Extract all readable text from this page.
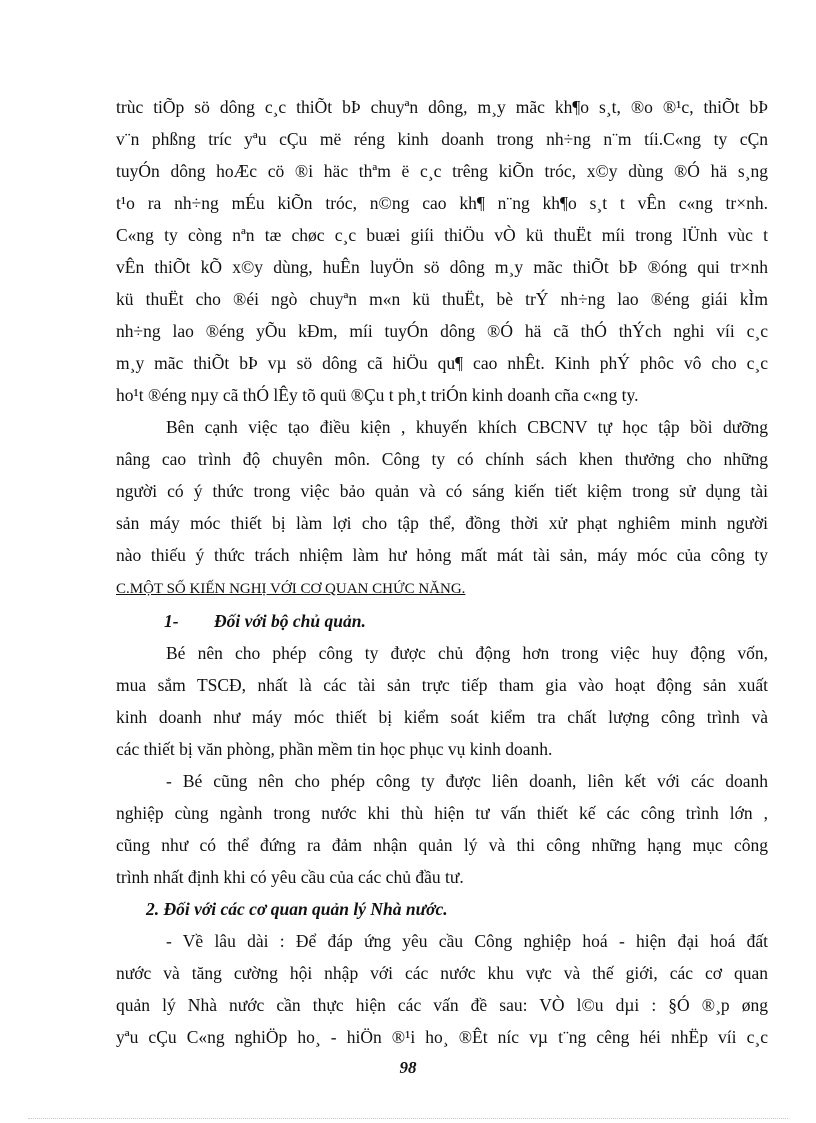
trùc tiÕp sö dông c¸c thiÕt bÞ chuyªn dông, m¸y mãc kh¶o s¸t, ®o ®¹c, thiÕt bÞ
v¨n phßng tríc yªu cÇu më réng kinh doanh trong nh÷ng n¨m tíi.C«ng ty cÇn
tuyÓn dông hoÆc cö ®i häc thªm ë c¸c trêng kiÕn tróc, x©y dùng ®Ó hä s¸ng
t¹o ra nh÷ng mÉu kiÕn tróc, n©ng cao kh¶ n¨ng kh¶o s¸t t vÊn c«ng tr×nh.
C«ng ty còng nªn tæ chøc c¸c buæi giíi thiÖu vÒ kü thuËt míi trong lÜnh vùc t
vÊn thiÕt kÕ x©y dùng, huÊn luyÖn sö dông m¸y mãc thiÕt bÞ ®óng qui tr×nh
kü thuËt cho ®éi ngò chuyªn m«n kü thuËt, bè trÝ nh÷ng lao ®éng giái kÌm
nh÷ng lao ®éng yÕu kÐm, míi tuyÓn dông ®Ó hä cã thÓ thÝch nghi víi c¸c
m¸y mãc thiÕt bÞ vµ sö dông cã hiÖu qu¶ cao nhÊt. Kinh phÝ phôc vô cho c¸c
ho¹t ®éng nµy cã thÓ lÊy tõ quü ®Çu t ph¸t triÓn kinh doanh cña c«ng ty.
Bên cạnh việc tạo điều kiện , khuyến khích CBCNV tự học tập bồi dưỡng
nâng cao trình độ chuyên môn. Công ty có chính sách khen thưởng cho những
người có ý thức trong việc bảo quản và có sáng kiến tiết kiệm trong sử dụng tài
sản máy móc thiết bị làm lợi cho tập thể, đồng thời xử phạt nghiêm minh người
nào thiếu ý thức trách nhiệm làm hư hỏng mất mát tài sản, máy móc của công ty
C.MỘT SỐ KIẾN NGHỊ VỚI CƠ QUAN CHỨC NĂNG.
1-	Đối với bộ chủ quản.
Bé nên cho phép công ty được chủ động hơn trong việc huy động vốn,
mua sắm TSCĐ, nhất là các tài sản trực tiếp tham gia vào hoạt động sản xuất
kinh doanh như máy móc thiết bị kiểm soát kiểm tra chất lượng công trình và
các thiết bị văn phòng, phần mềm tin học phục vụ kinh doanh.
- Bé cũng nên cho phép công ty được liên doanh, liên kết với các doanh
nghiệp cùng ngành trong nước khi thù hiện tư vấn thiết kế các công trình lớn ,
cũng như có thể đứng ra đảm nhận quản lý và thi công những hạng mục công
trình nhất định khi có yêu cầu của các chủ đầu tư.
2. Đối với các cơ quan quản lý Nhà nước.
- Về lâu dài : Để đáp ứng yêu cầu Công nghiệp hoá - hiện đại hoá đất
nước và tăng cường hội nhập với các nước khu vực và thế giới, các cơ quan
quản lý Nhà nước cần thực hiện các vấn đề sau: VÒ l©u dµi : §Ó ®¸p øng
yªu cÇu C«ng nghiÖp ho¸ - hiÖn ®¹i ho¸ ®Êt níc vµ t¨ng cêng héi nhËp víi c¸c
98
